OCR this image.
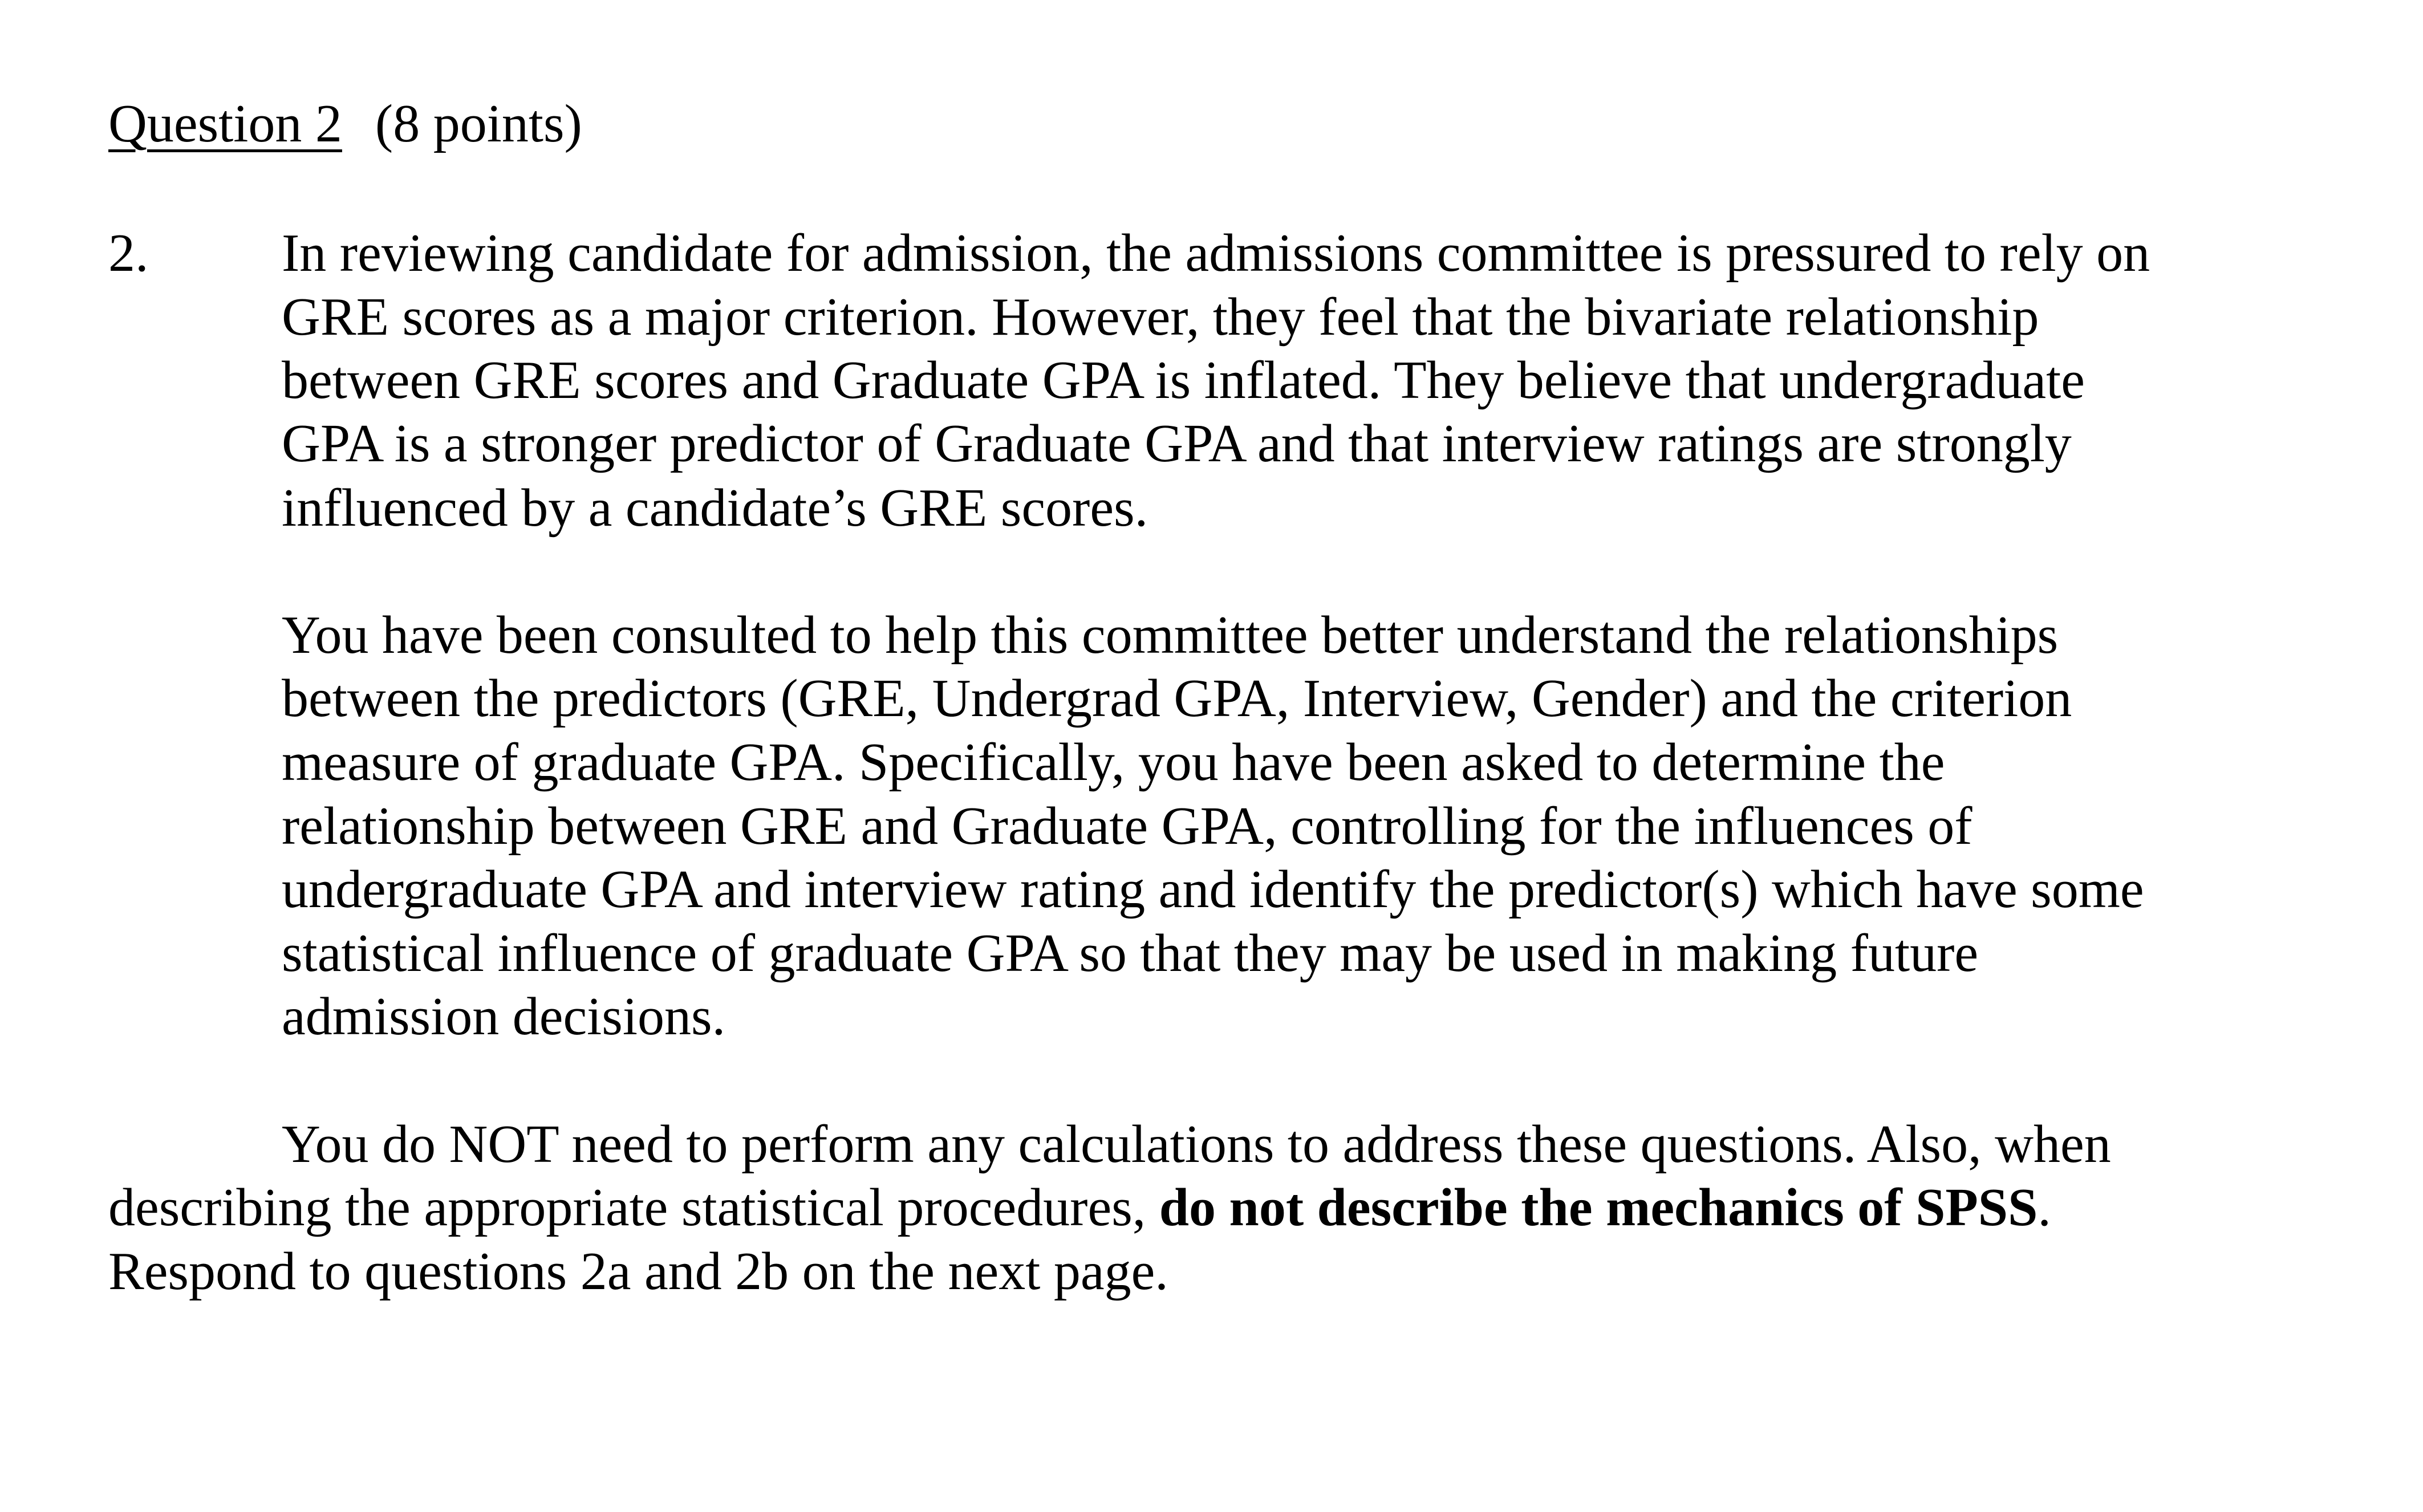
Question 2 (8 points)
2. In reviewing candidate for admission, the admissions committee is pressured to rely on
GRE scores as a major criterion. However, they feel that the bivariate relationship
between GRE scores and Graduate GPA is inflated. They believe that undergraduate
GPA is a stronger predictor of Graduate GPA and that interview ratings are strongly
influenced by a candidate’s GRE scores.
You have been consulted to help this committee better understand the relationships
between the predictors (GRE, Undergrad GPA, Interview, Gender) and the criterion
measure of graduate GPA. Specifically, you have been asked to determine the
relationship between GRE and Graduate GPA, controlling for the influences of
undergraduate GPA and interview rating and identify the predictor(s) which have some
statistical influence of graduate GPA so that they may be used in making future
admission decisions.
You do NOT need to perform any calculations to address these questions. Also, when
describing the appropriate statistical procedures, do not describe the mechanics of SPSS.
Respond to questions 2a and 2b on the next page.
